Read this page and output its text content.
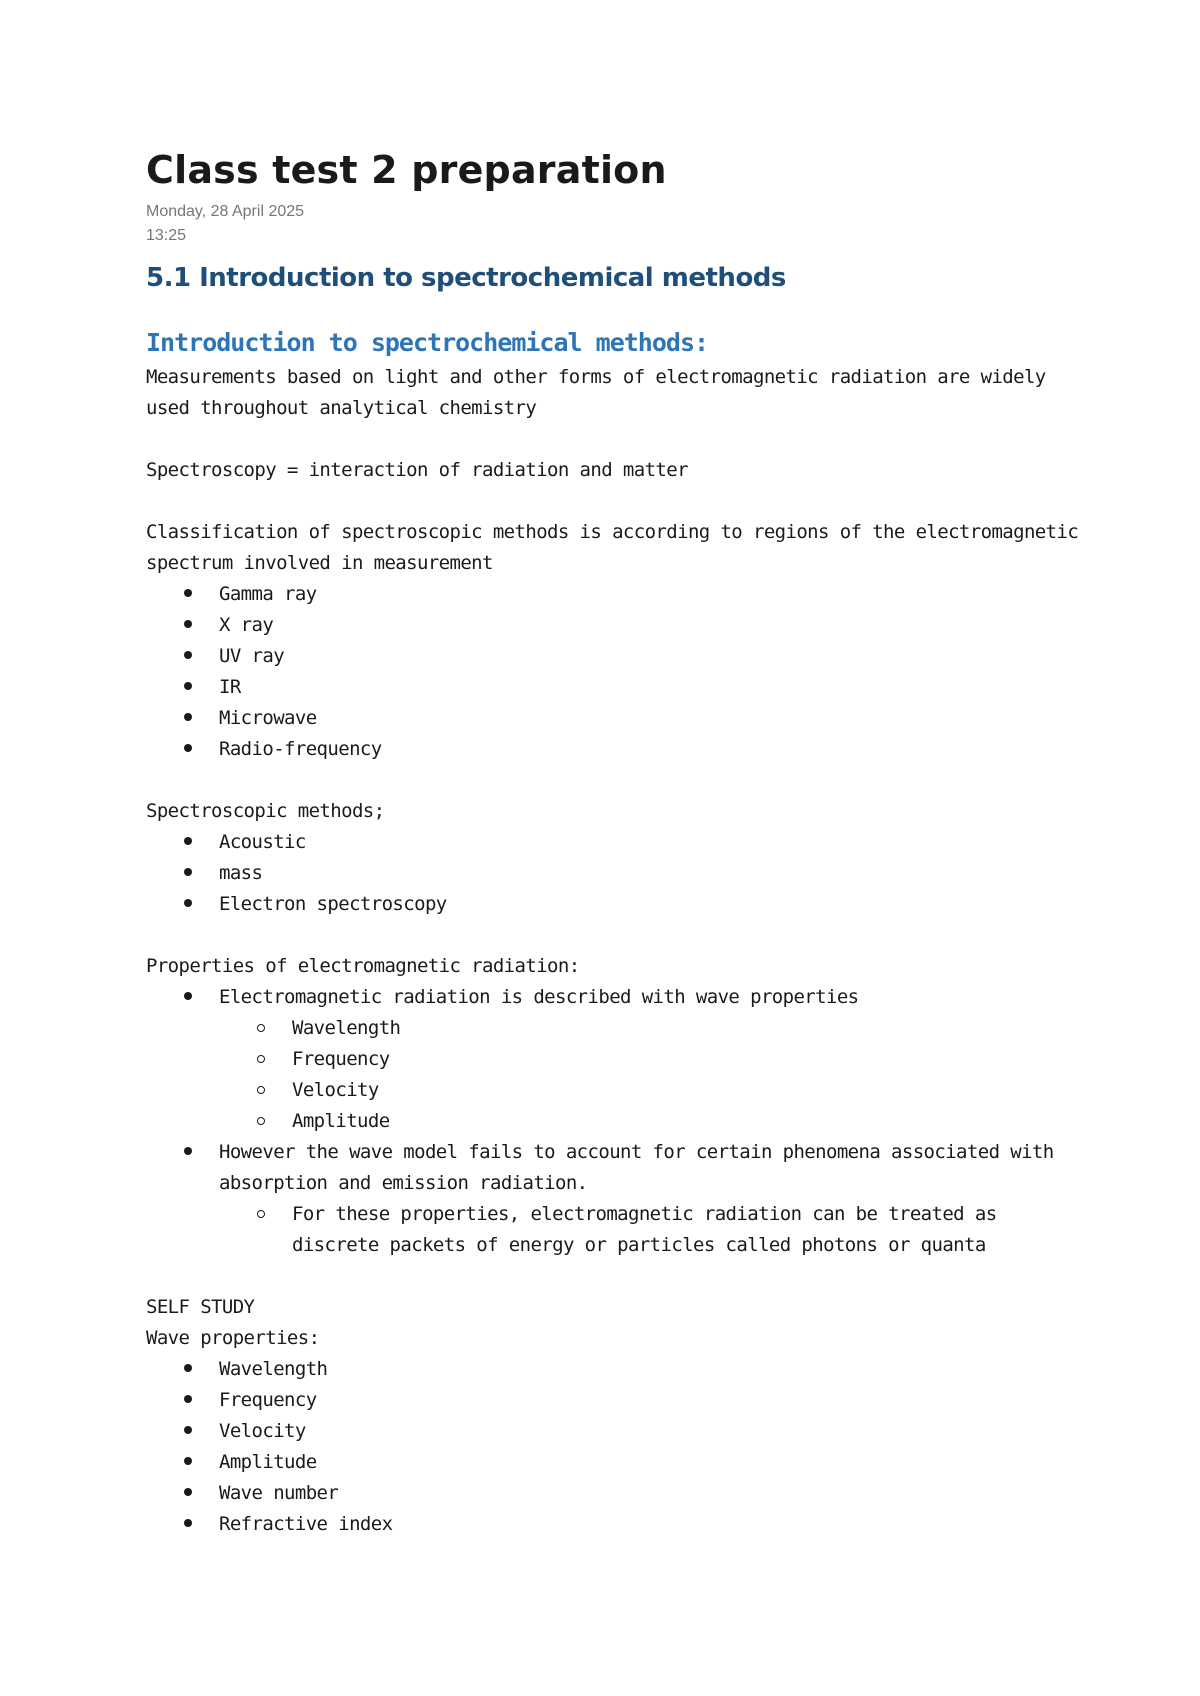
Class test 2 preparation
Monday, 28 April 2025
13:25
5.1 Introduction to spectrochemical methods
Introduction to spectrochemical methods:

Measurements based on light and other forms of electromagnetic radiation are widely
used throughout analytical chemistry

Spectroscopy = interaction of radiation and matter

Classification of spectroscopic methods is according to regions of the electromagnetic
spectrum involved in measurement

Gamma ray
X ray
UV ray
IR
Microwave
Radio-frequency

Spectroscopic methods;

Acoustic
mass
Electron spectroscopy

Properties of electromagnetic radiation:

Electromagnetic radiation is described with wave properties
Wavelength
Frequency
Velocity
Amplitude
However the wave model fails to account for certain phenomena associated with
absorption and emission radiation.
For these properties, electromagnetic radiation can be treated as
discrete packets of energy or particles called photons or quanta

SELF STUDY

Wave properties:

Wavelength
Frequency
Velocity
Amplitude
Wave number
Refractive index
